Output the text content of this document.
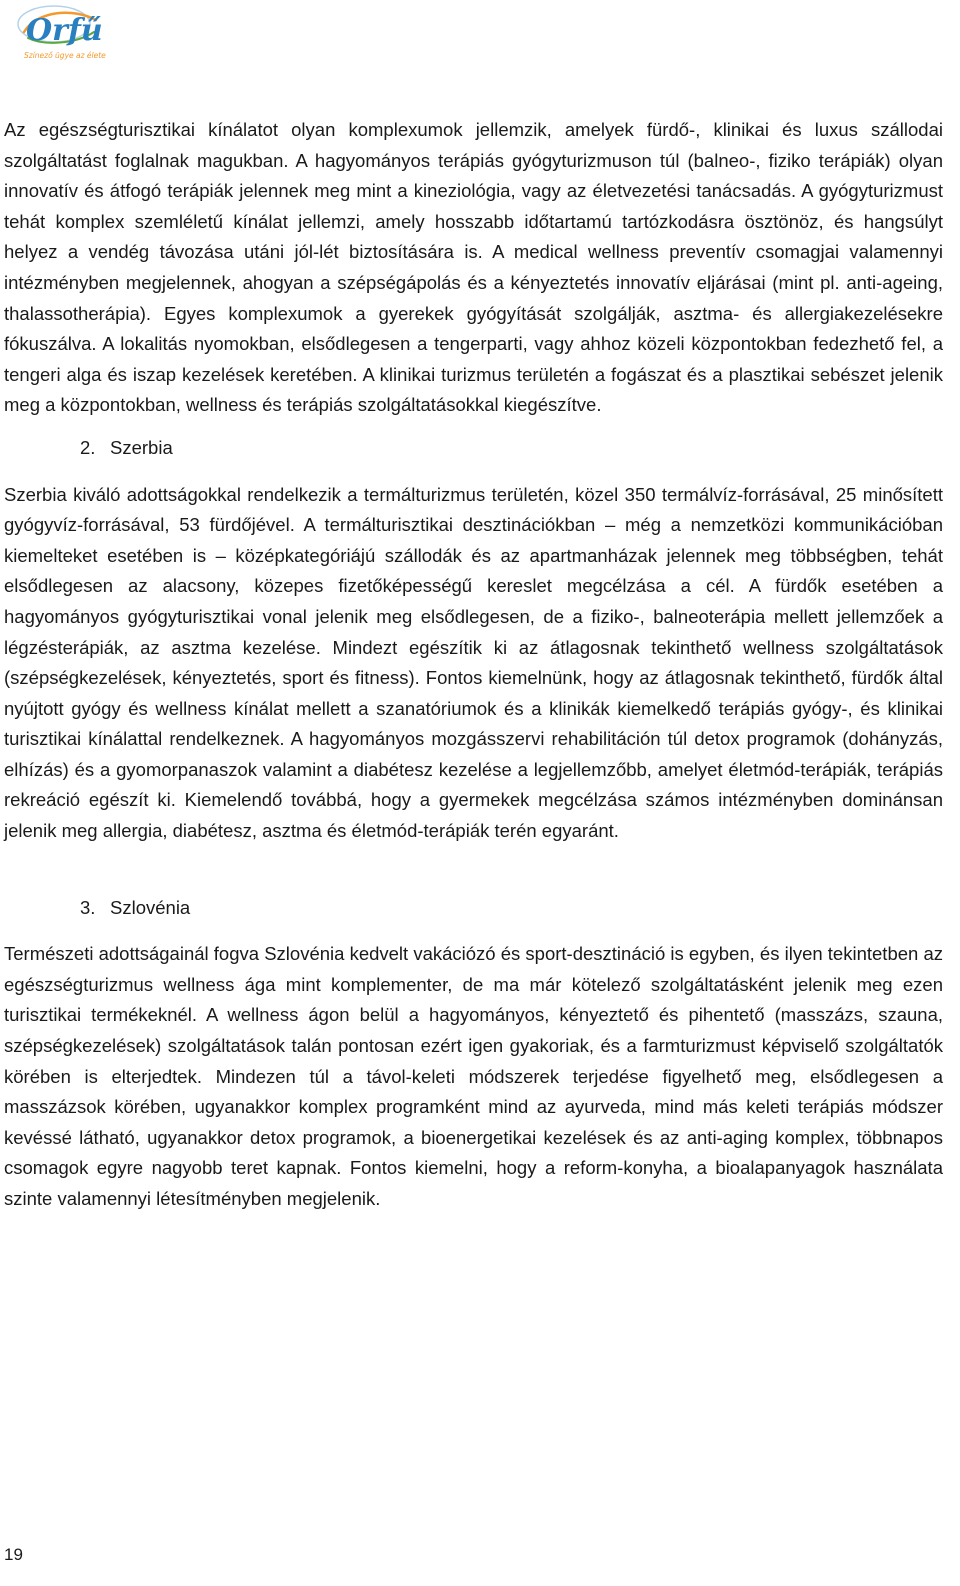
Orfű
Színező ügye az életed

Az egészségturisztikai kínálatot olyan komplexumok jellemzik, amelyek fürdő-, klinikai és luxus szállodai szolgáltatást foglalnak magukban. A hagyományos terápiás gyógyturizmuson túl (balneo-, fiziko terápiák) olyan innovatív és átfogó terápiák jelennek meg mint a kineziológia, vagy az életvezetési tanácsadás. A gyógyturizmust tehát komplex szemléletű kínálat jellemzi, amely hosszabb időtartamú tartózkodásra ösztönöz, és hangsúlyt helyez a vendég távozása utáni jól-lét biztosítására is. A medical wellness preventív csomagjai valamennyi intézményben megjelennek, ahogyan a szépségápolás és a kényeztetés innovatív eljárásai (mint pl. anti-ageing, thalassotherápia). Egyes komplexumok a gyerekek gyógyítását szolgálják, asztma- és allergiakezelésekre fókuszálva. A lokalitás nyomokban, elsődlegesen a tengerparti, vagy ahhoz közeli központokban fedezhető fel, a tengeri alga és iszap kezelések keretében. A klinikai turizmus területén a fogászat és a plasztikai sebészet jelenik meg a központokban, wellness és terápiás szolgáltatásokkal kiegészítve.

2. Szerbia

Szerbia kiváló adottságokkal rendelkezik a termálturizmus területén, közel 350 termálvíz-forrásával, 25 minősített gyógyvíz-forrásával, 53 fürdőjével. A termálturisztikai desztinációkban – még a nemzetközi kommunikációban kiemelteket esetében is – középkategóriájú szállodák és az apartmanházak jelennek meg többségben, tehát elsődlegesen az alacsony, közepes fizetőképességű kereslet megcélzása a cél. A fürdők esetében a hagyományos gyógyturisztikai vonal jelenik meg elsődlegesen, de a fiziko-, balneoterápia mellett jellemzőek a légzésterápiák, az asztma kezelése. Mindezt egészítik ki az átlagosnak tekinthető wellness szolgáltatások (szépségkezelések, kényeztetés, sport és fitness). Fontos kiemelnünk, hogy az átlagosnak tekinthető, fürdők által nyújtott gyógy és wellness kínálat mellett a szanatóriumok és a klinikák kiemelkedő terápiás gyógy-, és klinikai turisztikai kínálattal rendelkeznek. A hagyományos mozgásszervi rehabilitáción túl detox programok (dohányzás, elhízás) és a gyomorpanaszok valamint a diabétesz kezelése a legjellemzőbb, amelyet életmód-terápiák, terápiás rekreáció egészít ki. Kiemelendő továbbá, hogy a gyermekek megcélzása számos intézményben dominánsan jelenik meg allergia, diabétesz, asztma és életmód-terápiák terén egyaránt.

3. Szlovénia

Természeti adottságainál fogva Szlovénia kedvelt vakációzó és sport-desztináció is egyben, és ilyen tekintetben az egészségturizmus wellness ága mint komplementer, de ma már kötelező szolgáltatásként jelenik meg ezen turisztikai termékeknél. A wellness ágon belül a hagyományos, kényeztető és pihentető (masszázs, szauna, szépségkezelések) szolgáltatások talán pontosan ezért igen gyakoriak, és a farmturizmust képviselő szolgáltatók körében is elterjedtek. Mindezen túl a távol-keleti módszerek terjedése figyelhető meg, elsődlegesen a masszázsok körében, ugyanakkor komplex programként mind az ayurveda, mind más keleti terápiás módszer kevéssé látható, ugyanakkor detox programok, a bioenergetikai kezelések és az anti-aging komplex, többnapos csomagok egyre nagyobb teret kapnak. Fontos kiemelni, hogy a reform-konyha, a bioalapanyagok használata szinte valamennyi létesítményben megjelenik.

19
